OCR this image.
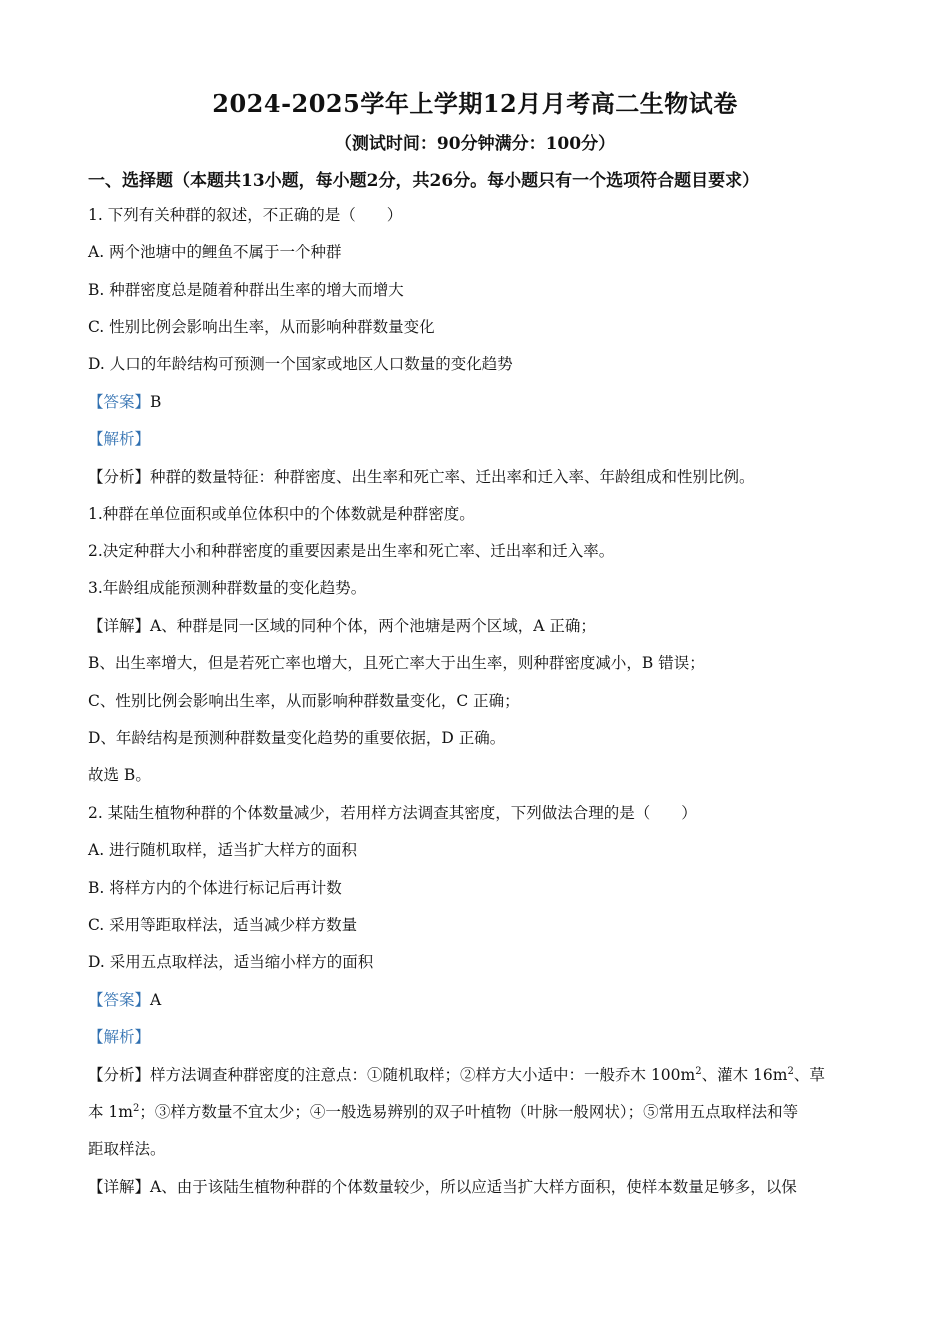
2024-2025学年上学期12月月考高二生物试卷
（测试时间：90分钟满分：100分）
一、选择题（本题共13小题，每小题2分，共26分。每小题只有一个选项符合题目要求）
1. 下列有关种群的叙述，不正确的是（　　）
A. 两个池塘中的鲤鱼不属于一个种群
B. 种群密度总是随着种群出生率的增大而增大
C. 性别比例会影响出生率，从而影响种群数量变化
D. 人口的年龄结构可预测一个国家或地区人口数量的变化趋势
【答案】B
【解析】
【分析】种群的数量特征：种群密度、出生率和死亡率、迁出率和迁入率、年龄组成和性别比例。
1.种群在单位面积或单位体积中的个体数就是种群密度。
2.决定种群大小和种群密度的重要因素是出生率和死亡率、迁出率和迁入率。
3.年龄组成能预测种群数量的变化趋势。
【详解】A、种群是同一区域的同种个体，两个池塘是两个区域，A 正确；
B、出生率增大，但是若死亡率也增大，且死亡率大于出生率，则种群密度减小，B 错误；
C、性别比例会影响出生率，从而影响种群数量变化，C 正确；
D、年龄结构是预测种群数量变化趋势的重要依据，D 正确。
故选 B。
2. 某陆生植物种群的个体数量减少，若用样方法调查其密度，下列做法合理的是（　　）
A. 进行随机取样，适当扩大样方的面积
B. 将样方内的个体进行标记后再计数
C. 采用等距取样法，适当减少样方数量
D. 采用五点取样法，适当缩小样方的面积
【答案】A
【解析】
【分析】样方法调查种群密度的注意点：①随机取样；②样方大小适中：一般乔木 $100m^2$、灌木 $16m^2$、草
本 $1m^2$；③样方数量不宜太少；④一般选易辨别的双子叶植物（叶脉一般网状）；⑤常用五点取样法和等
距取样法。
【详解】A、由于该陆生植物种群的个体数量较少，所以应适当扩大样方面积，使样本数量足够多，以保
